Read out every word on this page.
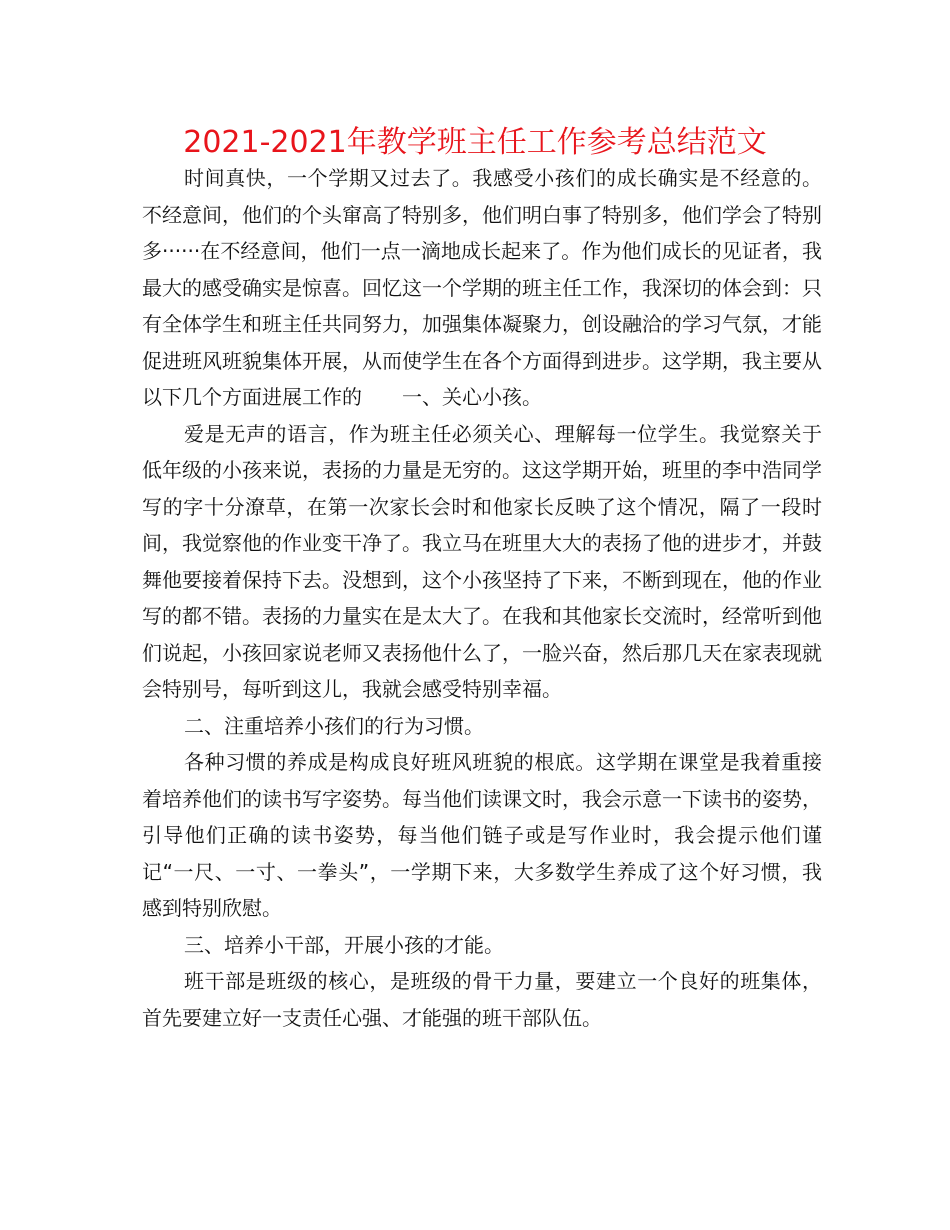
2021-2021年教学班主任工作参考总结范文

时间真快，一个学期又过去了。我感受小孩们的成长确实是不经意的。不经意间，他们的个头窜高了特别多，他们明白事了特别多，他们学会了特别多······在不经意间，他们一点一滴地成长起来了。作为他们成长的见证者，我最大的感受确实是惊喜。回忆这一个学期的班主任工作，我深切的体会到：只有全体学生和班主任共同努力，加强集体凝聚力，创设融洽的学习气氛，才能促进班风班貌集体开展，从而使学生在各个方面得到进步。这学期，我主要从以下几个方面进展工作的　　一、关心小孩。

爱是无声的语言，作为班主任必须关心、理解每一位学生。我觉察关于低年级的小孩来说，表扬的力量是无穷的。这这学期开始，班里的李中浩同学写的字十分潦草，在第一次家长会时和他家长反映了这个情况，隔了一段时间，我觉察他的作业变干净了。我立马在班里大大的表扬了他的进步才，并鼓舞他要接着保持下去。没想到，这个小孩坚持了下来，不断到现在，他的作业写的都不错。表扬的力量实在是太大了。在我和其他家长交流时，经常听到他们说起，小孩回家说老师又表扬他什么了，一脸兴奋，然后那几天在家表现就会特别号，每听到这儿，我就会感受特别幸福。

二、注重培养小孩们的行为习惯。

各种习惯的养成是构成良好班风班貌的根底。这学期在课堂是我着重接着培养他们的读书写字姿势。每当他们读课文时，我会示意一下读书的姿势，引导他们正确的读书姿势，每当他们链子或是写作业时，我会提示他们谨记“一尺、一寸、一拳头”，一学期下来，大多数学生养成了这个好习惯，我感到特别欣慰。

三、培养小干部，开展小孩的才能。

班干部是班级的核心，是班级的骨干力量，要建立一个良好的班集体，首先要建立好一支责任心强、才能强的班干部队伍。
